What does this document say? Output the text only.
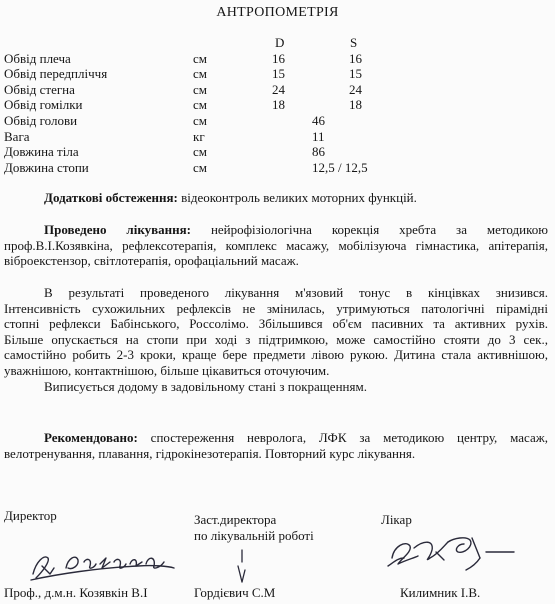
АНТРОПОМЕТРІЯ
D	S
Обвід плеча	см	16	16
Обвід передпліччя	см	15	15
Обвід стегна	см	24	24
Обвід гомілки	см	18	18
Обвід голови	см	46
Вага	кг	11
Довжина тіла	см	86
Довжина стопи	см	12,5 / 12,5
Додаткові обстеження: відеоконтроль великих моторних функцій.
Проведено лікування: нейрофізіологічна корекція хребта за методикою
проф.В.І.Козявкіна, рефлексотерапія, комплекс масажу, мобілізуюча гімнастика, апітерапія,
віброекстензор, світлотерапія, орофаціальний масаж.
В результаті проведеного лікування м'язовий тонус в кінцівках знизився.
Інтенсивність сухожильних рефлексів не змінилась, утримуються патологічні пірамідні
стопні рефлекси Бабінського, Россолімо. Збільшився об'єм пасивних та активних рухів.
Більше опускається на стопи при ході з підтримкою, може самостійно стояти до 3 сек.,
самостійно робить 2-3 кроки, краще бере предмети лівою рукою. Дитина стала активнішою,
уважнішою, контактнішою, більше цікавиться оточуючим.
Виписується додому в задовільному стані з покращенням.
Рекомендовано: спостереження невролога, ЛФК за методикою центру, масаж,
велотренування, плавання, гідрокінезотерапія. Повторний курс лікування.
Директор	Заст.директора
по лікувальній роботі
Лікар
Проф., д.м.н. Козявкін В.І	Гордієвич С.М	Килимник І.В.
